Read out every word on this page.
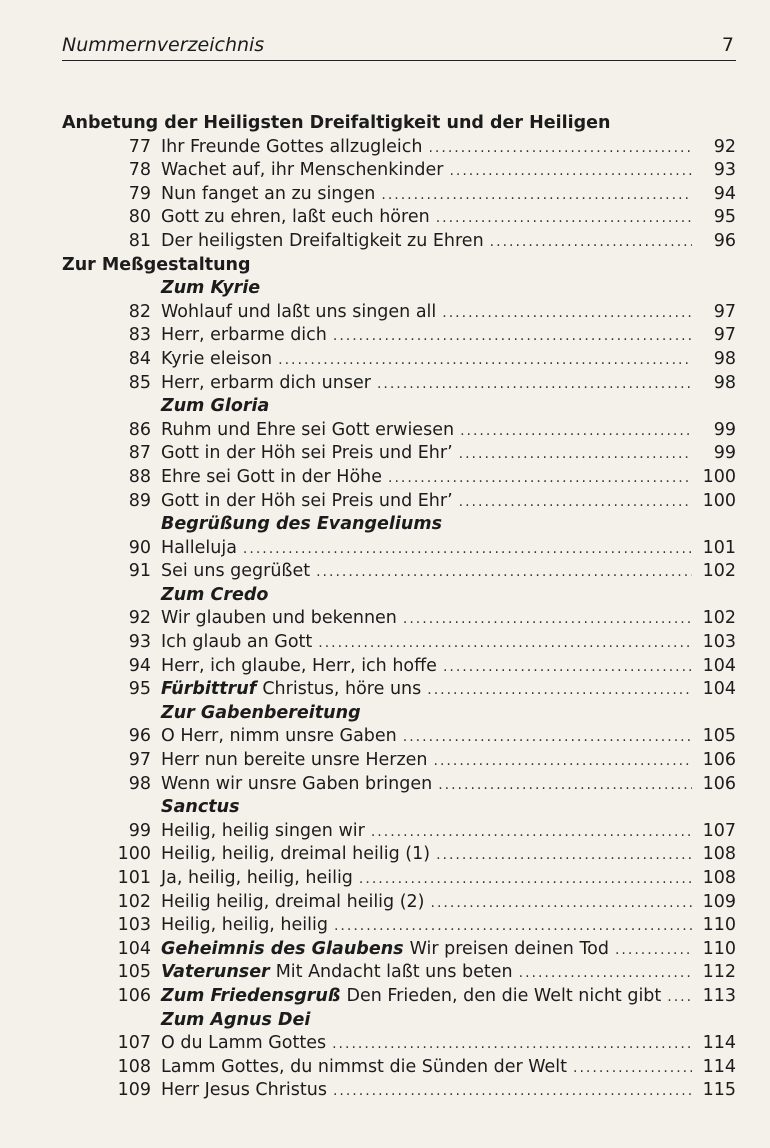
Nummernverzeichnis	7
Anbetung der Heiligsten Dreifaltigkeit und der Heiligen
77 Ihr Freunde Gottes allzugleich .....	92
78 Wachet auf, ihr Menschenkinder .....	93
79 Nun fanget an zu singen .....	94
80 Gott zu ehren, laßt euch hören .....	95
81 Der heiligsten Dreifaltigkeit zu Ehren .....	96
Zur Meßgestaltung
Zum Kyrie
82 Wohlauf und laßt uns singen all .....	97
83 Herr, erbarme dich .....	97
84 Kyrie eleison .....	98
85 Herr, erbarm dich unser .....	98
Zum Gloria
86 Ruhm und Ehre sei Gott erwiesen .....	99
87 Gott in der Höh sei Preis und Ehr’ .....	99
88 Ehre sei Gott in der Höhe .....	100
89 Gott in der Höh sei Preis und Ehr’ .....	100
Begrüßung des Evangeliums
90 Halleluja .....	101
91 Sei uns gegrüßet .....	102
Zum Credo
92 Wir glauben und bekennen .....	102
93 Ich glaub an Gott .....	103
94 Herr, ich glaube, Herr, ich hoffe .....	104
95 Fürbittruf Christus, höre uns .....	104
Zur Gabenbereitung
96 O Herr, nimm unsre Gaben .....	105
97 Herr nun bereite unsre Herzen .....	106
98 Wenn wir unsre Gaben bringen .....	106
Sanctus
99 Heilig, heilig singen wir .....	107
100 Heilig, heilig, dreimal heilig (1) .....	108
101 Ja, heilig, heilig, heilig .....	108
102 Heilig heilig, dreimal heilig (2) .....	109
103 Heilig, heilig, heilig .....	110
104 Geheimnis des Glaubens Wir preisen deinen Tod .....	110
105 Vaterunser Mit Andacht laßt uns beten .....	112
106 Zum Friedensgruß Den Frieden, den die Welt nicht gibt ..... 113
Zum Agnus Dei
107 O du Lamm Gottes .....	114
108 Lamm Gottes, du nimmst die Sünden der Welt .....	114
109 Herr Jesus Christus .....	115
